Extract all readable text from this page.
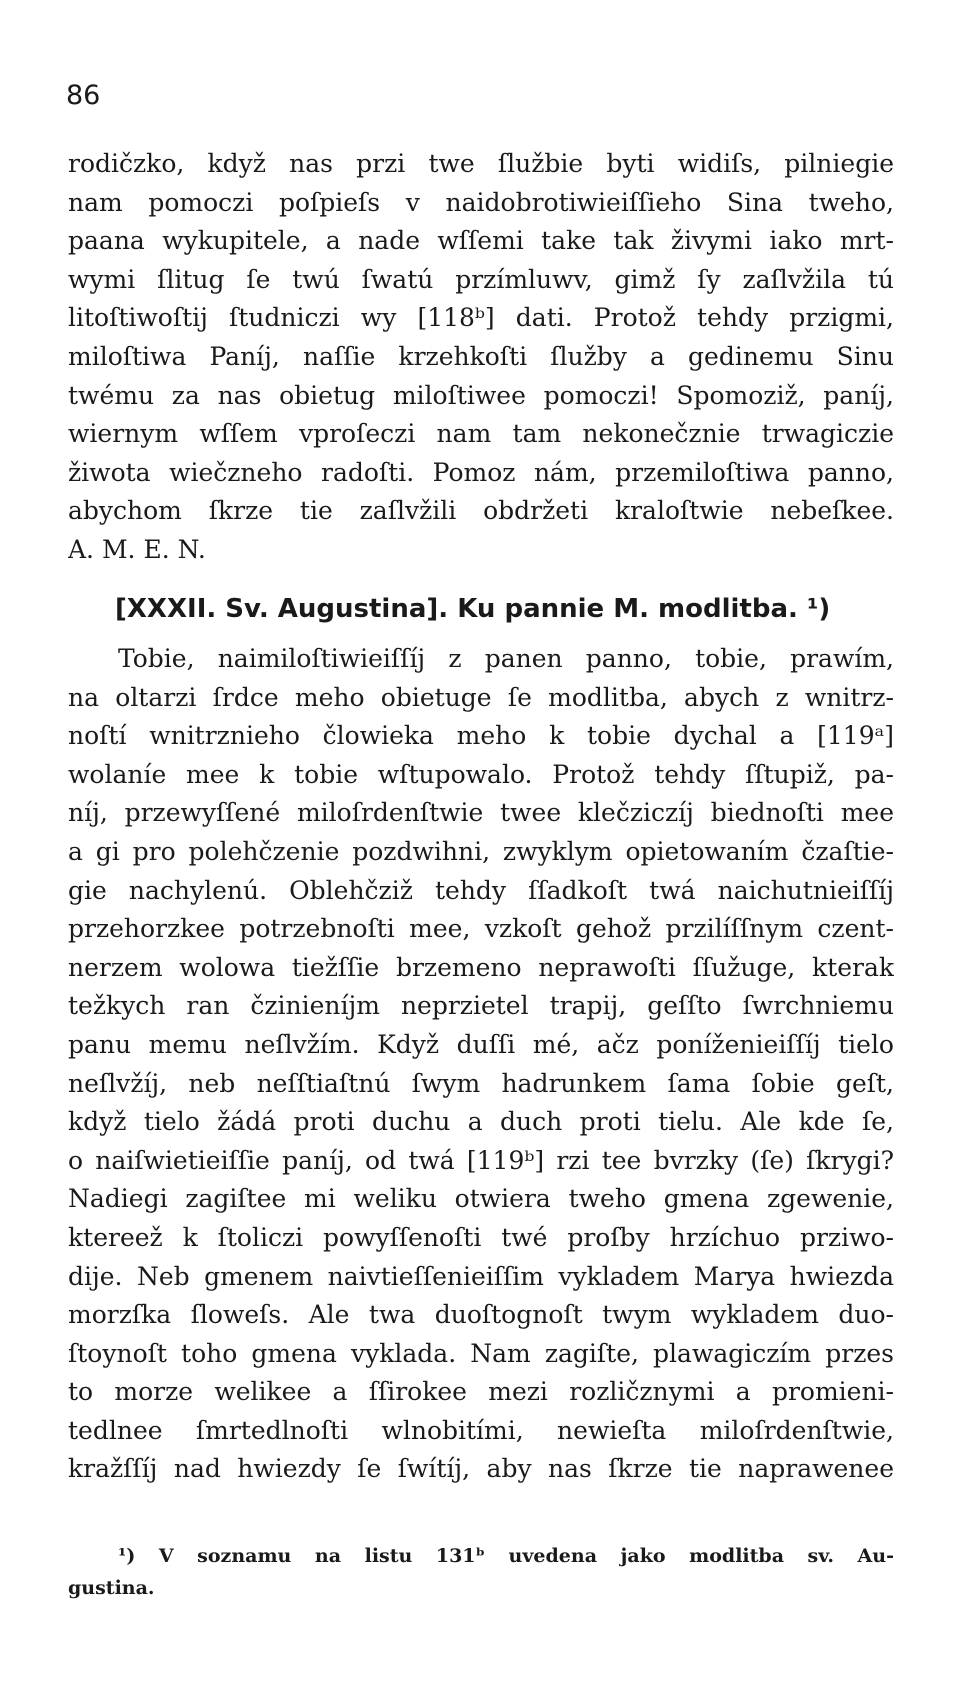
86
rodičzko, když nas przi twe ſlužbie byti widiſs, pilniegie
nam pomoczi poſpieſs v naidobrotiwieiſſieho Sina tweho,
paana wykupitele, a nade wſſemi take tak živymi iako mrt-
wymi ſlitug ſe twú ſwatú przímluwv, gimž ſy zaſlvžila tú
litoſtiwoſtij ſtudniczi wy [118ᵇ] dati. Protož tehdy przigmi,
miloſtiwa Paníj, naſſie krzehkoſti ſlužby a gedinemu Sinu
twému za nas obietug miloſtiwee pomoczi! Spomoziž, paníj,
wiernym wſſem vproſeczi nam tam nekonečznie trwagiczie
žiwota wiečzneho radoſti. Pomoz nám, przemiloſtiwa panno,
abychom ſkrze tie zaſlvžili obdržeti kraloſtwie nebeſkee.
A. M. E. N.
[XXXII. Sv. Augustina]. Ku pannie M. modlitba. ¹)
Tobie, naimiloſtiwieiſſíj z panen panno, tobie, prawím,
na oltarzi ſrdce meho obietuge ſe modlitba, abych z wnitrz-
noſtí wnitrznieho člowieka meho k tobie dychal a [119ᵃ]
wolaníe mee k tobie wſtupowalo. Protož tehdy ſſtupiž, pa-
níj, przewyſſené miloſrdenſtwie twee klečziczíj biednoſti mee
a gi pro polehčzenie pozdwihni, zwyklym opietowaním čzaſtie-
gie nachylenú. Oblehčziž tehdy ſſadkoſt twá naichutnieiſſíj
przehorzkee potrzebnoſti mee, vzkoſt gehož przilíſſnym czent-
nerzem wolowa tiežſſie brzemeno neprawoſti ſſužuge, kterak
težkych ran čzinieníjm neprzietel trapij, geſſto ſwrchniemu
panu memu neſlvžím. Když duſſi mé, ačz poníženieiſſíj tielo
neſlvžíj, neb neſſtiaſtnú ſwym hadrunkem ſama ſobie geſt,
když tielo žádá proti duchu a duch proti tielu. Ale kde ſe,
o naiſwietieiſſie paníj, od twá [119ᵇ] rzi tee bvrzky (ſe) ſkrygi?
Nadiegi zagiſtee mi weliku otwiera tweho gmena zgewenie,
ktereež k ſtoliczi powyſſenoſti twé proſby hrzíchuo prziwo-
dije. Neb gmenem naivtieſſenieiſſim vykladem Marya hwiezda
morzſka ſloweſs. Ale twa duoſtognoſt twym wykladem duo-
ſtoynoſt toho gmena vyklada. Nam zagiſte, plawagiczím przes
to morze welikee a ſſirokee mezi rozličznymi a promieni-
tedlnee ſmrtedlnoſti wlnobitími, newieſta miloſrdenſtwie,
kražſſíj nad hwiezdy ſe ſwítíj, aby nas ſkrze tie naprawenee
¹) V soznamu na listu 131ᵇ uvedena jako modlitba sv. Au-
gustina.
